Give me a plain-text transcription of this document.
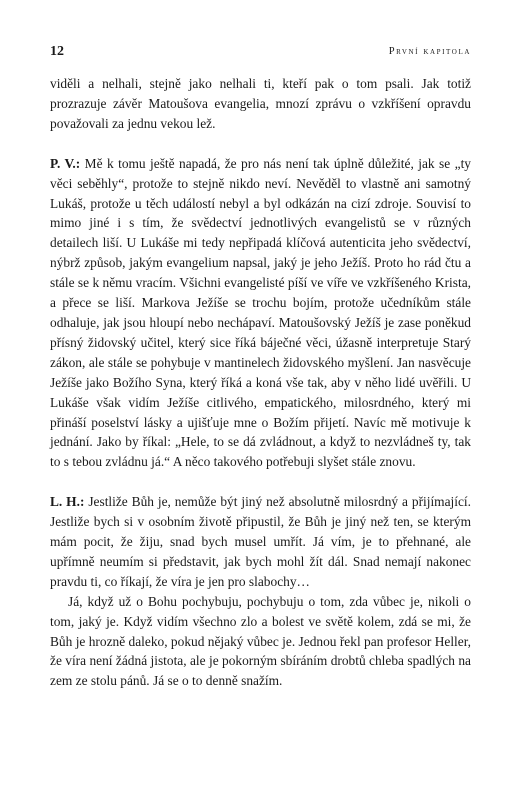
12	První kapitola

viděli a nelhali, stejně jako nelhali ti, kteří pak o tom psali. Jak totiž prozrazuje závěr Matoušova evangelia, mnozí zprávu o vzkříšení opravdu považovali za jednu vekou lež.

P. V.: Mě k tomu ještě napadá, že pro nás není tak úplně důležité, jak se „ty věci seběhly“, protože to stejně nikdo neví. Nevěděl to vlastně ani samotný Lukáš, protože u těch událostí nebyl a byl odkázán na cizí zdroje. Souvisí to mimo jiné i s tím, že svědectví jednotlivých evangelistů se v různých detailech liší. U Lukáše mi tedy nepřipadá klíčová autenticita jeho svědectví, nýbrž způsob, jakým evangelium napsal, jaký je jeho Ježíš. Proto ho rád čtu a stále se k němu vracím. Všichni evangelisté píší ve víře ve vzkříšeného Krista, a přece se liší. Markova Ježíše se trochu bojím, protože učedníkům stále odhaluje, jak jsou hloupí nebo nechápaví. Matoušovský Ježíš je zase poněkud přísný židovský učitel, který sice říká báječné věci, úžasně interpretuje Starý zákon, ale stále se pohybuje v mantinelech židovského myšlení. Jan nasvěcuje Ježíše jako Božího Syna, který říká a koná vše tak, aby v něho lidé uvěřili. U Lukáše však vidím Ježíše citlivého, empatického, milosrdného, který mi přináší poselství lásky a ujišťuje mne o Božím přijetí. Navíc mě motivuje k jednání. Jako by říkal: „Hele, to se dá zvládnout, a když to nezvládneš ty, tak to s tebou zvládnu já.“ A něco takového potřebuji slyšet stále znovu.

L. H.: Jestliže Bůh je, nemůže být jiný než absolutně milosrdný a přijímající. Jestliže bych si v osobním životě připustil, že Bůh je jiný než ten, se kterým mám pocit, že žiju, snad bych musel umřít. Já vím, je to přehnané, ale upřímně neumím si představit, jak bych mohl žít dál. Snad nemají nakonec pravdu ti, co říkají, že víra je jen pro slabochy…

Já, když už o Bohu pochybuju, pochybuju o tom, zda vůbec je, nikoli o tom, jaký je. Když vidím všechno zlo a bolest ve světě kolem, zdá se mi, že Bůh je hrozně daleko, pokud nějaký vůbec je. Jednou řekl pan profesor Heller, že víra není žádná jistota, ale je pokorným sbíráním drobtů chleba spadlých na zem ze stolu pánů. Já se o to denně snažím.
